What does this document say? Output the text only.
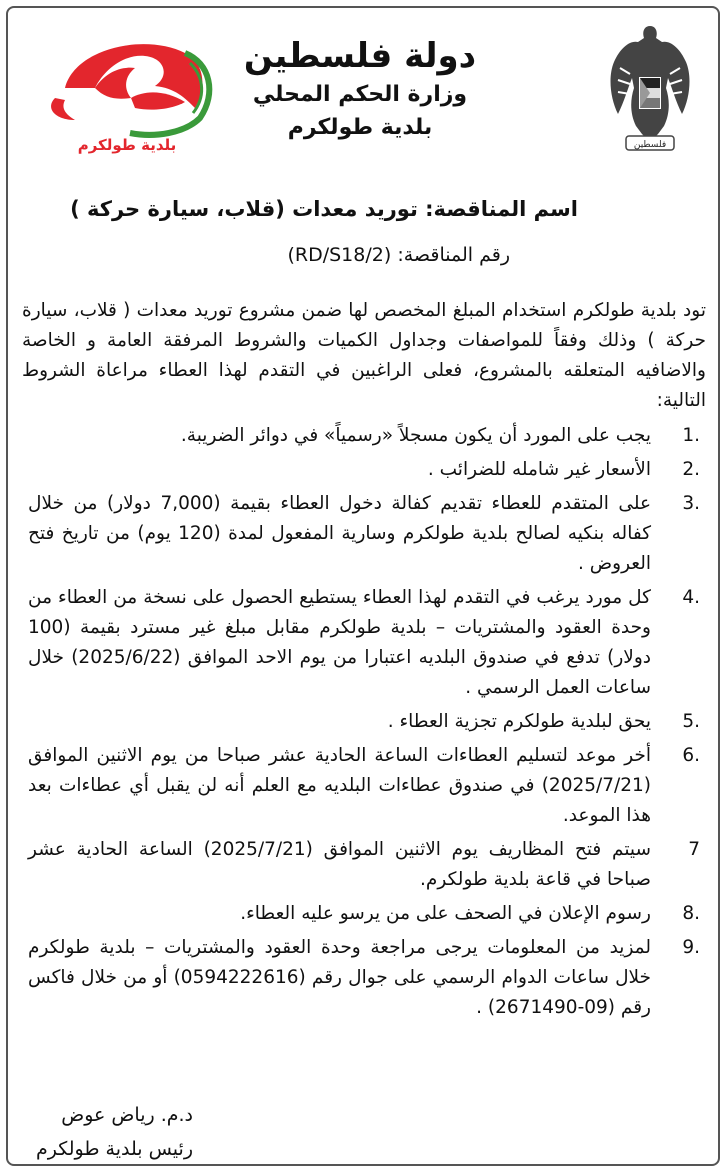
فلسطين
دولة فلسطين
وزارة الحكم المحلي
بلدية طولكرم
بلدية طولكرم
اسم المناقصة: توريد معدات (قلاب، سيارة حركة )
رقم المناقصة: (2/RD/S18)

تود بلدية طولكرم استخدام المبلغ المخصص لها ضمن مشروع توريد معدات ( قلاب، سيارة حركة ) وذلك وفقاً للمواصفات وجداول الكميات والشروط المرفقة العامة و الخاصة والاضافيه المتعلقه بالمشروع، فعلى الراغبين في التقدم لهذا العطاء مراعاة الشروط التالية:

1.
يجب على المورد أن يكون مسجلاً «رسمياً» في دوائر الضريبة.
2.
الأسعار غير شامله للضرائب .
3.
على المتقدم للعطاء تقديم كفالة دخول العطاء بقيمة (7,000 دولار) من خلال كفاله بنكيه لصالح بلدية طولكرم وسارية المفعول لمدة (120 يوم) من تاريخ فتح العروض .
4.
كل مورد يرغب في التقدم لهذا العطاء يستطيع الحصول على نسخة من العطاء من وحدة العقود والمشتريات – بلدية طولكرم مقابل مبلغ غير مسترد بقيمة (100 دولار) تدفع في صندوق البلديه اعتبارا من يوم الاحد الموافق (2025/6/22) خلال ساعات العمل الرسمي .
5.
يحق لبلدية طولكرم تجزية العطاء .
6.
أخر موعد لتسليم العطاءات الساعة الحادية عشر صباحا من يوم الاثنين الموافق (2025/7/21) في صندوق عطاءات البلديه مع العلم أنه لن يقبل أي عطاءات بعد هذا الموعد.
7
سيتم فتح المظاريف يوم الاثنين الموافق (2025/7/21) الساعة الحادية عشر صباحا في قاعة بلدية طولكرم.
8.
رسوم الإعلان في الصحف على من يرسو عليه العطاء.
9.
لمزيد من المعلومات يرجى مراجعة وحدة العقود والمشتريات – بلدية طولكرم خلال ساعات الدوام الرسمي على جوال رقم (0594222616) أو من خلال فاكس رقم (09-2671490) .
د.م. رياض عوض
رئيس بلدية طولكرم
